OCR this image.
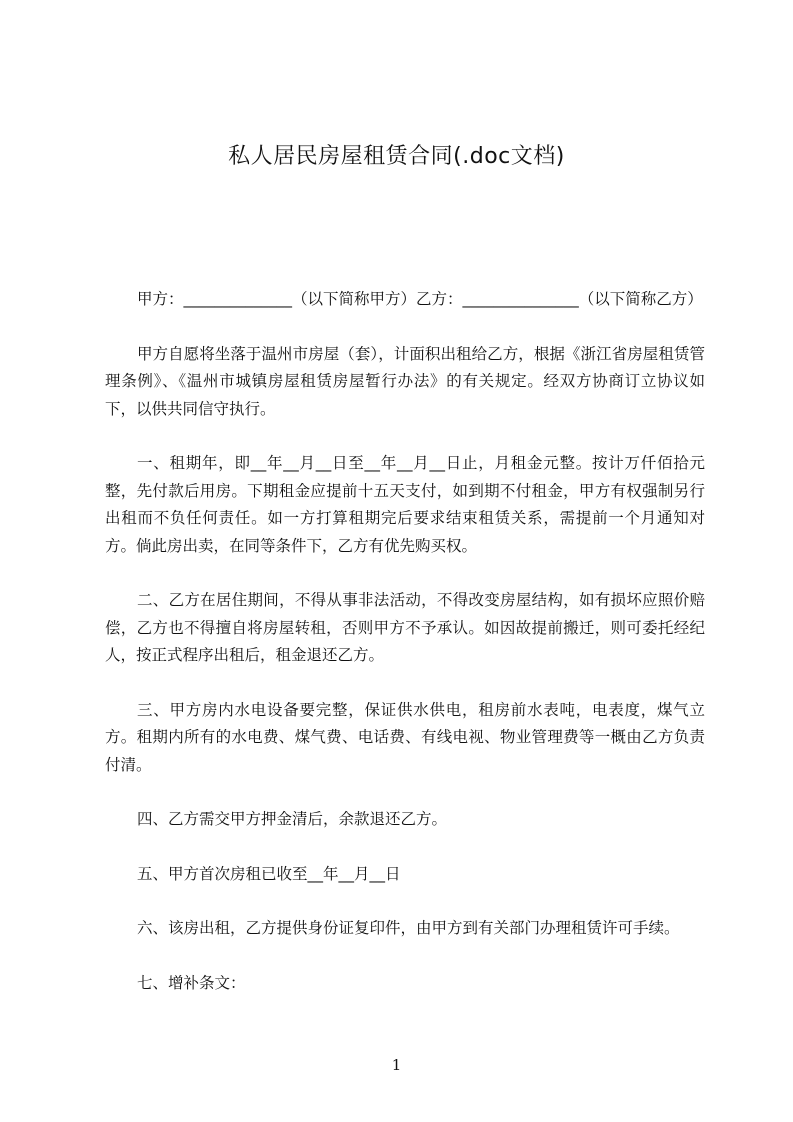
私人居民房屋租赁合同(.doc文档)

甲方：______________（以下简称甲方）乙方：_______________（以下简称乙方）

甲方自愿将坐落于温州市房屋（套），计面积出租给乙方，根据《浙江省房屋租赁管理条例》、《温州市城镇房屋租赁房屋暂行办法》的有关规定。经双方协商订立协议如下，以供共同信守执行。

一、租期年，即__年__月__日至__年__月__日止，月租金元整。按计万仟佰拾元整，先付款后用房。下期租金应提前十五天支付，如到期不付租金，甲方有权强制另行出租而不负任何责任。如一方打算租期完后要求结束租赁关系，需提前一个月通知对方。倘此房出卖，在同等条件下，乙方有优先购买权。

二、乙方在居住期间，不得从事非法活动，不得改变房屋结构，如有损坏应照价赔偿，乙方也不得擅自将房屋转租，否则甲方不予承认。如因故提前搬迁，则可委托经纪人，按正式程序出租后，租金退还乙方。

三、甲方房内水电设备要完整，保证供水供电，租房前水表吨，电表度，煤气立方。租期内所有的水电费、煤气费、电话费、有线电视、物业管理费等一概由乙方负责付清。

四、乙方需交甲方押金清后，余款退还乙方。

五、甲方首次房租已收至__年__月__日

六、该房出租，乙方提供身份证复印件，由甲方到有关部门办理租赁许可手续。

七、增补条文：

1
